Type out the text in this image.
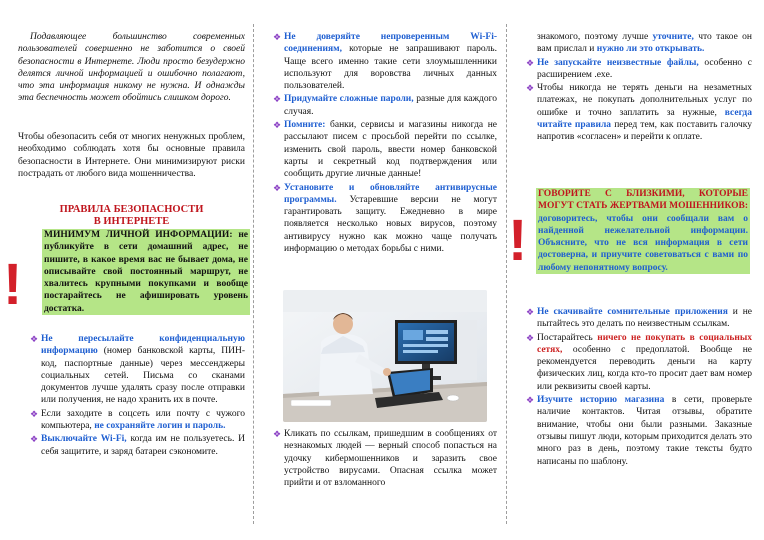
Подавляющее большинство современных пользователей совершенно не заботится о своей безопасности в Интернете. Люди просто безудержно делятся личной информацией и ошибочно полагают, что эта информация никому не нужна. И однажды эта беспечность может обойтись слишком дорого.

Чтобы обезопасить себя от многих ненужных проблем, необходимо соблюдать хотя бы основные правила безопасности в Интернете. Они минимизируют риски пострадать от любого вида мошенничества.

ПРАВИЛА БЕЗОПАСНОСТИ

В ИНТЕРНЕТЕ

!

МИНИМУМ ЛИЧНОЙ ИНФОРМАЦИИ: не публикуйте в сети домашний адрес, не пишите, в какое время вас не бывает дома, не описывайте свой постоянный маршрут, не хвалитесь крупными покупками и вообще постарайтесь не афишировать уровень достатка.

❖ Не пересылайте конфиденциальную информацию (номер банковской карты, ПИН-код, паспортные данные) через мессенджеры социальных сетей. Письма со сканами документов лучше удалять сразу после отправки или получения, не надо хранить их в почте.

❖ Если заходите в соцсеть или почту с чужого компьютера, не сохраняйте логин и пароль.

❖ Выключайте Wi-Fi, когда им не пользуетесь. И себя защитите, и заряд батареи сэкономите.

❖ Не доверяйте непроверенным Wi-Fi-соединениям, которые не запрашивают пароль. Чаще всего именно такие сети злоумышленники используют для воровства личных данных пользователей.

❖ Придумайте сложные пароли, разные для каждого случая.

❖ Помните: банки, сервисы и магазины никогда не рассылают писем с просьбой перейти по ссылке, изменить свой пароль, ввести номер банковской карты и секретный код подтверждения или сообщить другие личные данные!

❖ Установите и обновляйте антивирусные программы. Устаревшие версии не могут гарантировать защиту. Ежедневно в мире появляется несколько новых вирусов, поэтому антивирусу нужно как можно чаще получать информацию о методах борьбы с ними.

❖ Кликать по ссылкам, пришедшим в сообщениях от незнакомых людей — верный способ попасться на удочку кибермошенников и заразить свое устройство вирусами. Опасная ссылка может прийти и от взломанного

знакомого, поэтому лучше уточните, что такое он вам прислал и нужно ли это открывать.

❖ Не запускайте неизвестные файлы, особенно с расширением .exe.

❖ Чтобы никогда не терять деньги на незаметных платежах, не покупать дополнительных услуг по ошибке и точно заплатить за нужные, всегда читайте правила перед тем, как поставить галочку напротив «согласен» и перейти к оплате.

!

ГОВОРИТЕ С БЛИЗКИМИ, КОТОРЫЕ МОГУТ СТАТЬ ЖЕРТВАМИ МОШЕННИКОВ: договоритесь, чтобы они сообщали вам о найденной нежелательной информации. Объясните, что не вся информация в сети достоверна, и приучите советоваться с вами по любому непонятному вопросу.

❖ Не скачивайте сомнительные приложения и не пытайтесь это делать по неизвестным ссылкам.

❖ Постарайтесь ничего не покупать в социальных сетях, особенно с предоплатой. Вообще не рекомендуется переводить деньги на карту физических лиц, когда кто-то просит дает вам номер или реквизиты своей карты.

❖ Изучите историю магазина в сети, проверьте наличие контактов. Читая отзывы, обратите внимание, чтобы они были разными. Заказные отзывы пишут люди, которым приходится делать это много раз в день, поэтому такие тексты будто написаны по шаблону.
